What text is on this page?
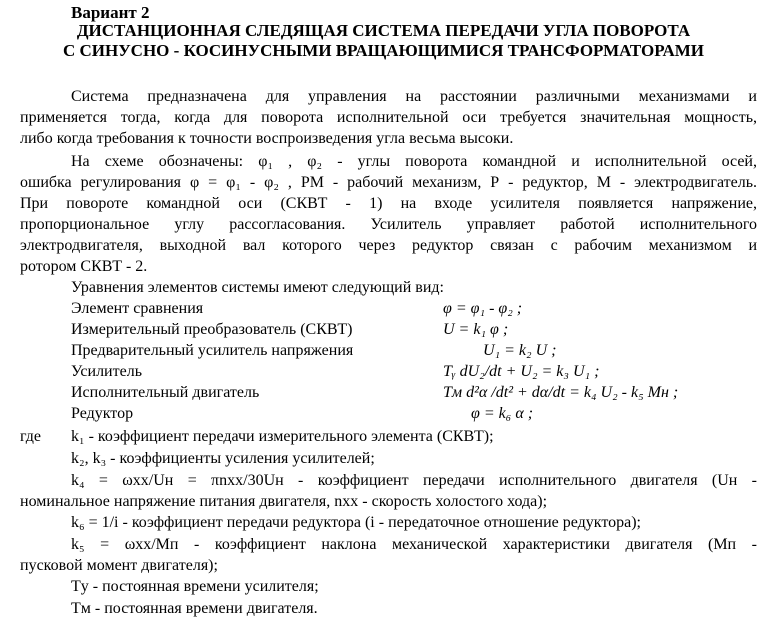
Вариант 2
ДИСТАНЦИОННАЯ СЛЕДЯЩАЯ СИСТЕМА ПЕРЕДАЧИ УГЛА ПОВОРОТА
С СИНУСНО - КОСИНУСНЫМИ ВРАЩАЮЩИМИСЯ ТРАНСФОРМАТОРАМИ
Система предназначена для управления на расстоянии различными механизмами и
применяется тогда, когда для поворота исполнительной оси требуется значительная мощность,
либо когда требования к точности воспроизведения угла весьма высоки.
На схеме обозначены: φ₁ , φ₂ - углы поворота командной и исполнительной осей,
ошибка регулирования φ = φ₁ - φ₂ , РМ - рабочий механизм, Р - редуктор, М - электродвигатель.
При повороте командной оси (СКВТ - 1) на входе усилителя появляется напряжение,
пропорциональное углу рассогласования. Усилитель управляет работой исполнительного
электродвигателя, выходной вал которого через редуктор связан с рабочим механизмом и
ротором СКВТ - 2.
Уравнения элементов системы имеют следующий вид:
Элемент сравнения	φ = φ₁ - φ₂ ;
Измерительный преобразователь (СКВТ)	U = k₁ φ ;
Предварительный усилитель напряжения	U₁ = k₂ U ;
Усилитель	Tᵧ dU₂/dt + U₂ = k₃ U₁ ;
Исполнительный двигатель	Tм d²α /dt² + dα/dt = k₄ U₂ - k₅ Mн ;
Редуктор	φ = k₆ α ;
где k₁ - коэффициент передачи измерительного элемента (СКВТ);
k₂, k₃ - коэффициенты усиления усилителей;
k₄ = ωхх/Uн = πnхх/30Uн - коэффициент передачи исполнительного двигателя (Uн -
номинальное напряжение питания двигателя, nхх - скорость холостого хода);
k₆ = 1/i - коэффициент передачи редуктора (i - передаточное отношение редуктора);
k₅ = ωхх/Mп - коэффициент наклона механической характеристики двигателя (Mп -
пусковой момент двигателя);
Tу - постоянная времени усилителя;
Tм - постоянная времени двигателя.
